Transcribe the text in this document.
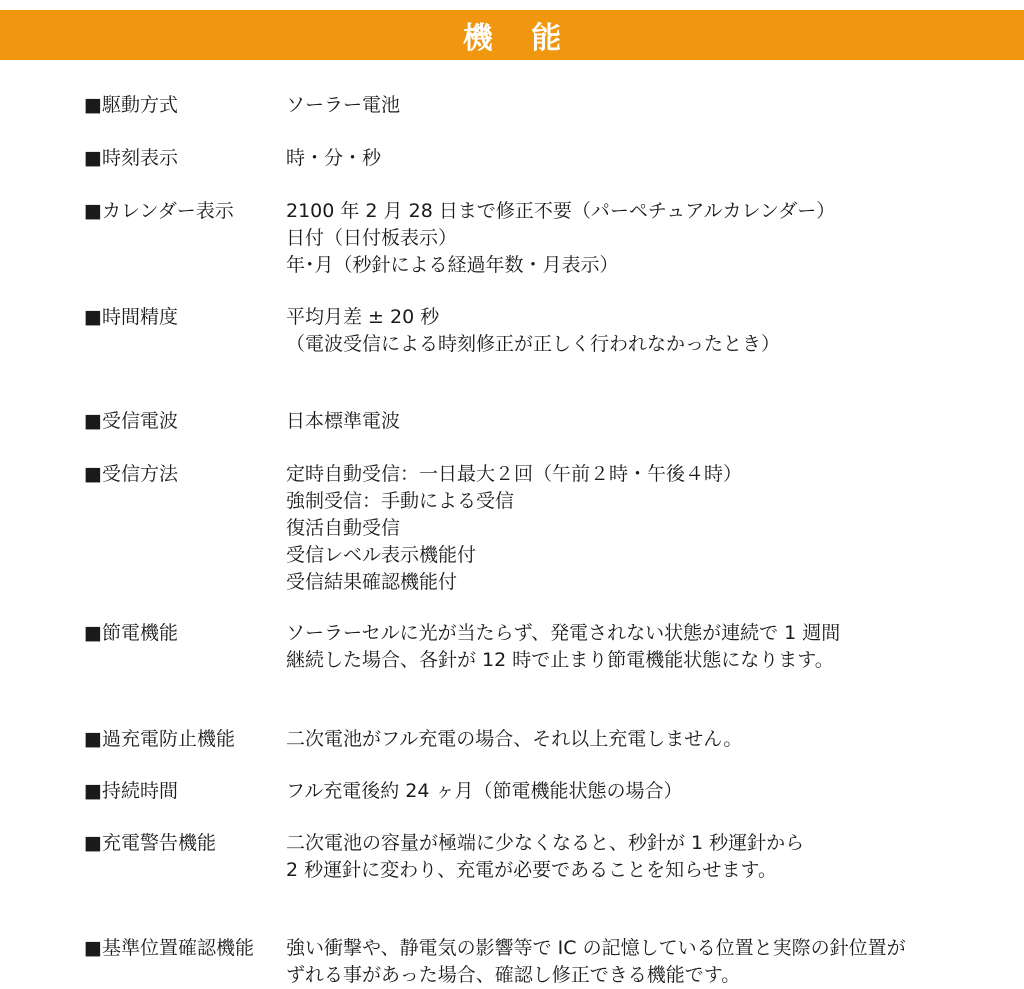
機 能
■駆動方式	ソーラー電池
■時刻表示	時・分・秒
■カレンダー表示	2100 年 2 月 28 日まで修正不要（パーペチュアルカレンダー）
日付（日付板表示）
年･月（秒針による経過年数・月表示）
■時間精度	平均月差 ± 20 秒
（電波受信による時刻修正が正しく行われなかったとき）
■受信電波	日本標準電波
■受信方法	定時自動受信：一日最大２回（午前２時・午後４時）
強制受信：手動による受信
復活自動受信
受信レベル表示機能付
受信結果確認機能付
■節電機能	ソーラーセルに光が当たらず、発電されない状態が連続で 1 週間
継続した場合、各針が 12 時で止まり節電機能状態になります。
■過充電防止機能	二次電池がフル充電の場合、それ以上充電しません。
■持続時間	フル充電後約 24 ヶ月（節電機能状態の場合）
■充電警告機能	二次電池の容量が極端に少なくなると、秒針が 1 秒運針から
2 秒運針に変わり、充電が必要であることを知らせます。
■基準位置確認機能	強い衝撃や、静電気の影響等で IC の記憶している位置と実際の針位置が
ずれる事があった場合、確認し修正できる機能です。
